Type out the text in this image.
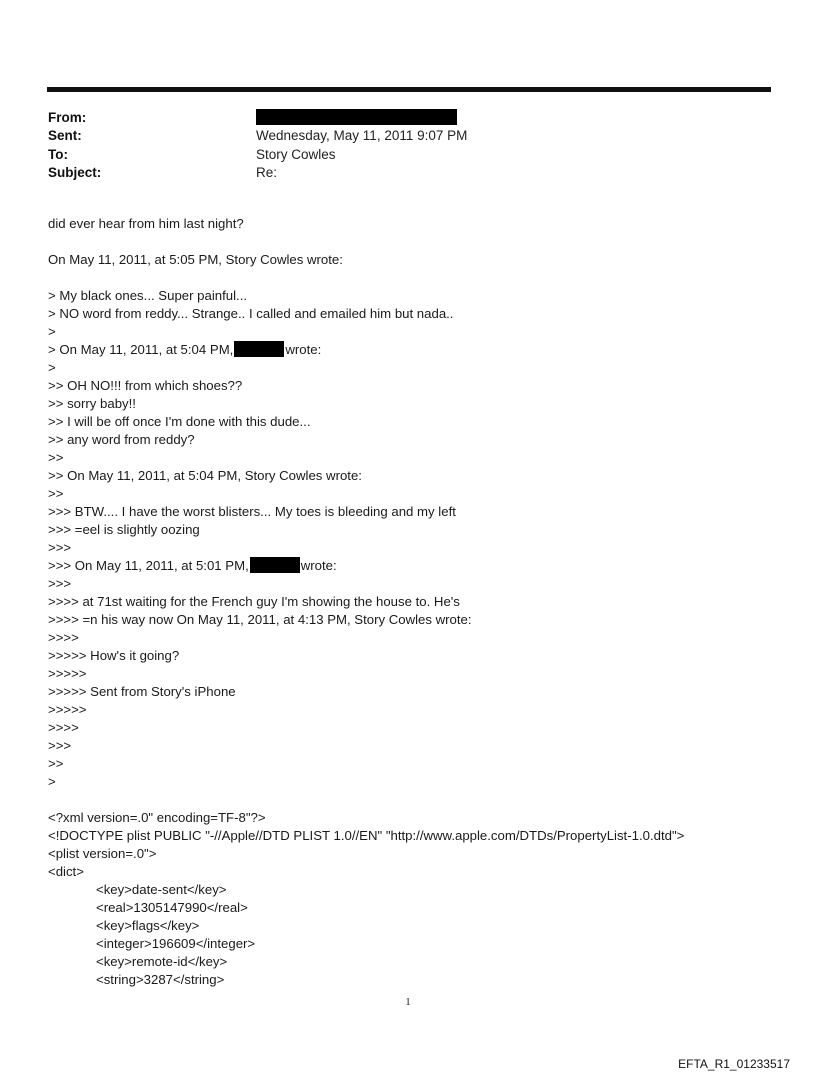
From:
Sent:	Wednesday, May 11, 2011 9:07 PM
To:	Story Cowles
Subject:	Re:
did ever hear from him last night?
On May 11, 2011, at 5:05 PM, Story Cowles wrote:
> My black ones... Super painful...
> NO word from reddy... Strange.. I called and emailed him but nada..
>
> On May 11, 2011, at 5:04 PM,	wrote:
>
>> OH NO!!! from which shoes??
>> sorry baby!!
>> I will be off once I'm done with this dude...
>> any word from reddy?
>>
>> On May 11, 2011, at 5:04 PM, Story Cowles wrote:
>>
>>> BTW.... I have the worst blisters... My toes is bleeding and my left
>>> =eel is slightly oozing
>>>
>>> On May 11, 2011, at 5:01 PM,	wrote:
>>>
>>>> at 71st waiting for the French guy I'm showing the house to. He's
>>>> =n his way now On May 11, 2011, at 4:13 PM, Story Cowles wrote:
>>>>
>>>>> How's it going?
>>>>>
>>>>> Sent from Story's iPhone
>>>>>
>>>>
>>>
>>
>
<?xml version=.0" encoding=TF-8"?>
<!DOCTYPE plist PUBLIC "-//Apple//DTD PLIST 1.0//EN" "http://www.apple.com/DTDs/PropertyList-1.0.dtd">
<plist version=.0">
<dict>
<key>date-sent</key>
<real>1305147990</real>
<key>flags</key>
<integer>196609</integer>
<key>remote-id</key>
<string>3287</string>
1
EFTA_R1_01233517
